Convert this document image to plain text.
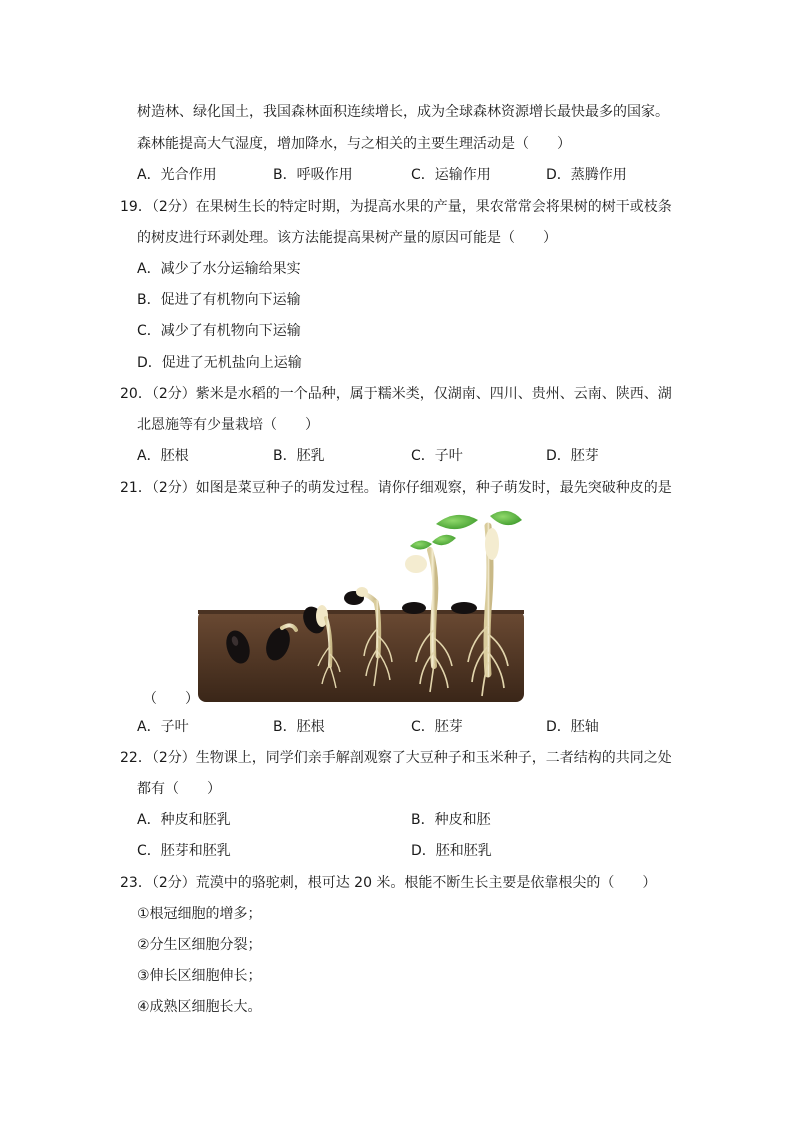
树造林、绿化国土，我国森林面积连续增长，成为全球森林资源增长最快最多的国家。
森林能提高大气湿度，增加降水，与之相关的主要生理活动是（　　）
A．光合作用	B．呼吸作用	C．运输作用	D．蒸腾作用
19．（2分）在果树生长的特定时期，为提高水果的产量，果农常常会将果树的树干或枝条
的树皮进行环剥处理。该方法能提高果树产量的原因可能是（　　）
A．减少了水分运输给果实
B．促进了有机物向下运输
C．减少了有机物向下运输
D．促进了无机盐向上运输
20．（2分）紫米是水稻的一个品种，属于糯米类，仅湖南、四川、贵州、云南、陕西、湖
北恩施等有少量栽培（　　）
A．胚根	B．胚乳	C．子叶	D．胚芽
21．（2分）如图是菜豆种子的萌发过程。请你仔细观察，种子萌发时，最先突破种皮的是
（　　）
A．子叶	B．胚根	C．胚芽	D．胚轴
22．（2分）生物课上，同学们亲手解剖观察了大豆种子和玉米种子，二者结构的共同之处
都有（　　）
A．种皮和胚乳	B．种皮和胚
C．胚芽和胚乳	D．胚和胚乳
23．（2分）荒漠中的骆驼刺，根可达 20 米。根能不断生长主要是依靠根尖的（　　）
①根冠细胞的增多；
②分生区细胞分裂；
③伸长区细胞伸长；
④成熟区细胞长大。
